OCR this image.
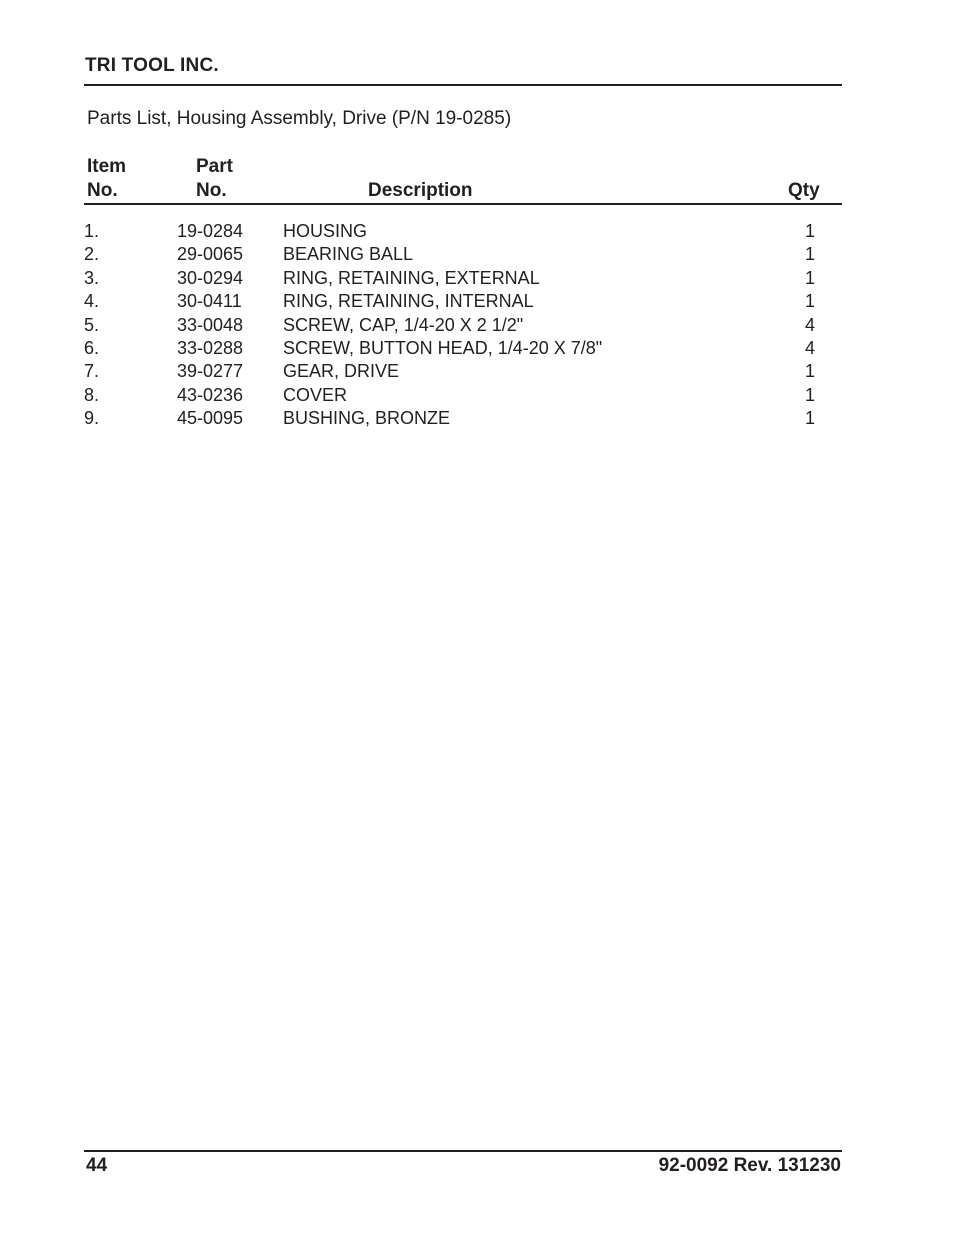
TRI TOOL INC.
Parts List, Housing Assembly, Drive (P/N 19-0285)
Item
No.
Part
No.	Description	Qty
1.	19-0284 HOUSING	1
2.	29-0065 BEARING BALL	1
3.	30-0294 RING, RETAINING, EXTERNAL	1
4.	30-0411 RING, RETAINING, INTERNAL	1
5.	33-0048 SCREW, CAP, 1/4-20 X 2 1/2"	4
6.	33-0288 SCREW, BUTTON HEAD, 1/4-20 X 7/8"	4
7.	39-0277 GEAR, DRIVE	1
8.	43-0236 COVER	1
9.	45-0095 BUSHING, BRONZE	1
44	92-0092 Rev. 131230
